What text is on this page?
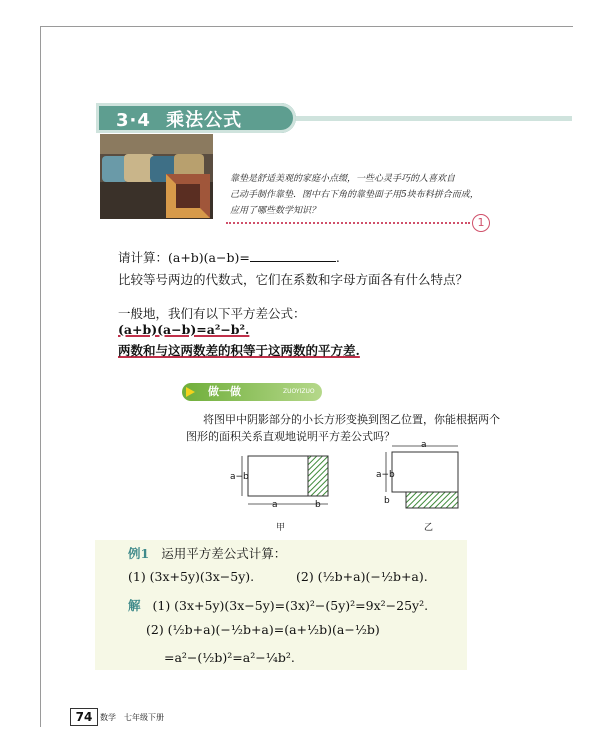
3·4 乘法公式
靠垫是舒适美观的家庭小点缀，一些心灵手巧的人喜欢自
己动手制作靠垫．图中右下角的靠垫面子用5块布料拼合而成，
应用了哪些数学知识？
1
请计算：(a+b)(a−b)=	.
比较等号两边的代数式，它们在系数和字母方面各有什么特点？
一般地，我们有以下平方差公式：
(a+b)(a−b)=a²−b².
两数和与这两数差的积等于这两数的平方差.
做一做	ZUOYIZUO
将图甲中阴影部分的小长方形变换到图乙位置，你能根据两个
图形的面积关系直观地说明平方差公式吗？
a−b
a	b
甲
a
a−b
b
乙
例1 运用平方差公式计算：
(1) (3x+5y)(3x−5y).	(2) (½b+a)(−½b+a).
解 (1) (3x+5y)(3x−5y)=(3x)²−(5y)²=9x²−25y².
(2) (½b+a)(−½b+a)=(a+½b)(a−½b)
=a²−(½b)²=a²−¼b².
74 数学　七年级下册
